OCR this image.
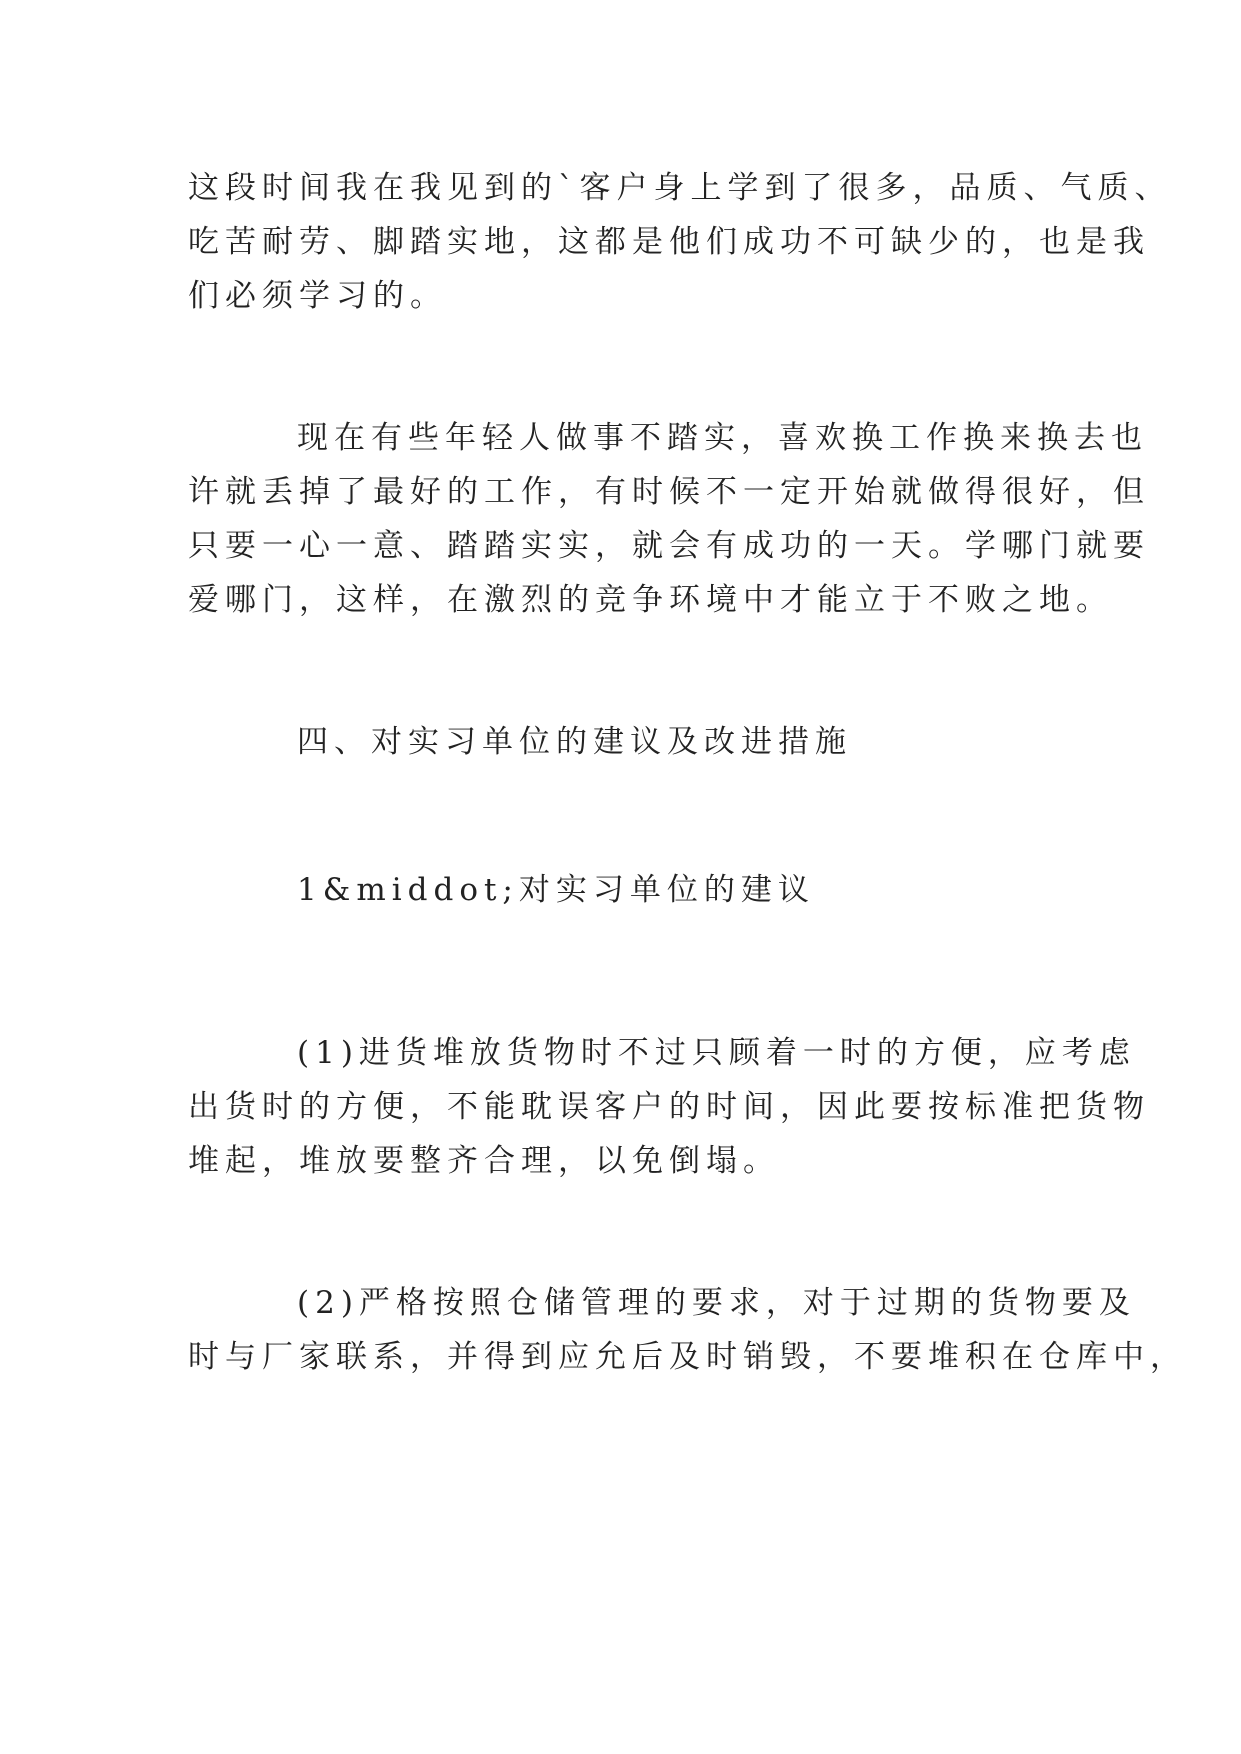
这段时间我在我见到的`客户身上学到了很多，品质、气质、

吃苦耐劳、脚踏实地，这都是他们成功不可缺少的，也是我

们必须学习的。

现在有些年轻人做事不踏实，喜欢换工作换来换去也

许就丢掉了最好的工作，有时候不一定开始就做得很好，但

只要一心一意、踏踏实实，就会有成功的一天。学哪门就要

爱哪门，这样，在激烈的竞争环境中才能立于不败之地。

四、对实习单位的建议及改进措施

1&middot;对实习单位的建议

(1)进货堆放货物时不过只顾着一时的方便，应考虑

出货时的方便，不能耽误客户的时间，因此要按标准把货物

堆起，堆放要整齐合理，以免倒塌。

(2)严格按照仓储管理的要求，对于过期的货物要及

时与厂家联系，并得到应允后及时销毁，不要堆积在仓库中，
